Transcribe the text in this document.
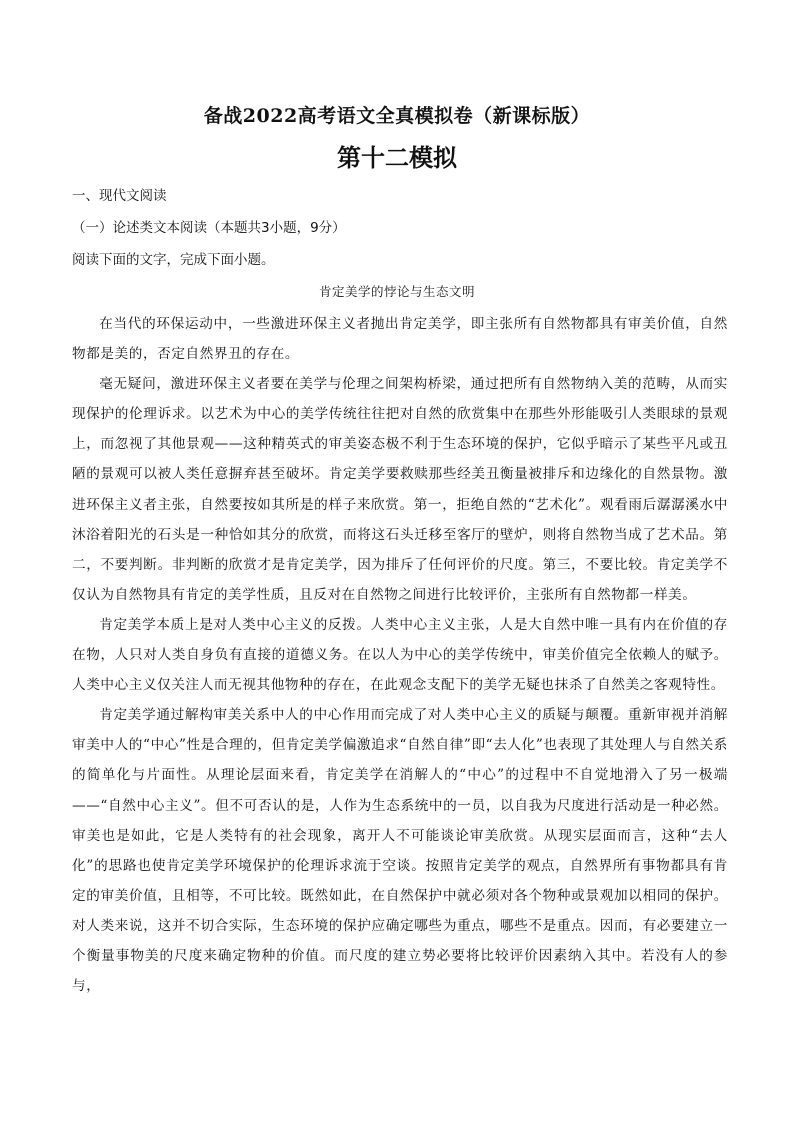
备战2022高考语文全真模拟卷（新课标版）
第十二模拟
一、现代文阅读
（一）论述类文本阅读（本题共3小题，9分）
阅读下面的文字，完成下面小题。
肯定美学的悖论与生态文明

在当代的环保运动中，一些激进环保主义者抛出肯定美学，即主张所有自然物都具有审美价值，自然物都是美的，否定自然界丑的存在。

毫无疑问，激进环保主义者要在美学与伦理之间架构桥梁，通过把所有自然物纳入美的范畴，从而实现保护的伦理诉求。以艺术为中心的美学传统往往把对自然的欣赏集中在那些外形能吸引人类眼球的景观上，而忽视了其他景观——这种精英式的审美姿态极不利于生态环境的保护，它似乎暗示了某些平凡或丑陋的景观可以被人类任意摒弃甚至破坏。肯定美学要救赎那些经美丑衡量被排斥和边缘化的自然景物。激进环保主义者主张，自然要按如其所是的样子来欣赏。第一，拒绝自然的“艺术化”。观看雨后潺潺溪水中沐浴着阳光的石头是一种恰如其分的欣赏，而将这石头迁移至客厅的壁炉，则将自然物当成了艺术品。第二，不要判断。非判断的欣赏才是肯定美学，因为排斥了任何评价的尺度。第三，不要比较。肯定美学不仅认为自然物具有肯定的美学性质，且反对在自然物之间进行比较评价，主张所有自然物都一样美。

肯定美学本质上是对人类中心主义的反拨。人类中心主义主张，人是大自然中唯一具有内在价值的存在物，人只对人类自身负有直接的道德义务。在以人为中心的美学传统中，审美价值完全依赖人的赋予。人类中心主义仅关注人而无视其他物种的存在，在此观念支配下的美学无疑也抹杀了自然美之客观特性。

肯定美学通过解构审美关系中人的中心作用而完成了对人类中心主义的质疑与颠覆。重新审视并消解审美中人的“中心”性是合理的，但肯定美学偏激追求“自然自律”即“去人化”也表现了其处理人与自然关系的简单化与片面性。从理论层面来看，肯定美学在消解人的“中心”的过程中不自觉地滑入了另一极端——“自然中心主义”。但不可否认的是，人作为生态系统中的一员，以自我为尺度进行活动是一种必然。审美也是如此，它是人类特有的社会现象，离开人不可能谈论审美欣赏。从现实层面而言，这种“去人化”的思路也使肯定美学环境保护的伦理诉求流于空谈。按照肯定美学的观点，自然界所有事物都具有肯定的审美价值，且相等，不可比较。既然如此，在自然保护中就必须对各个物种或景观加以相同的保护。对人类来说，这并不切合实际，生态环境的保护应确定哪些为重点，哪些不是重点。因而，有必要建立一个衡量事物美的尺度来确定物种的价值。而尺度的建立势必要将比较评价因素纳入其中。若没有人的参与，
